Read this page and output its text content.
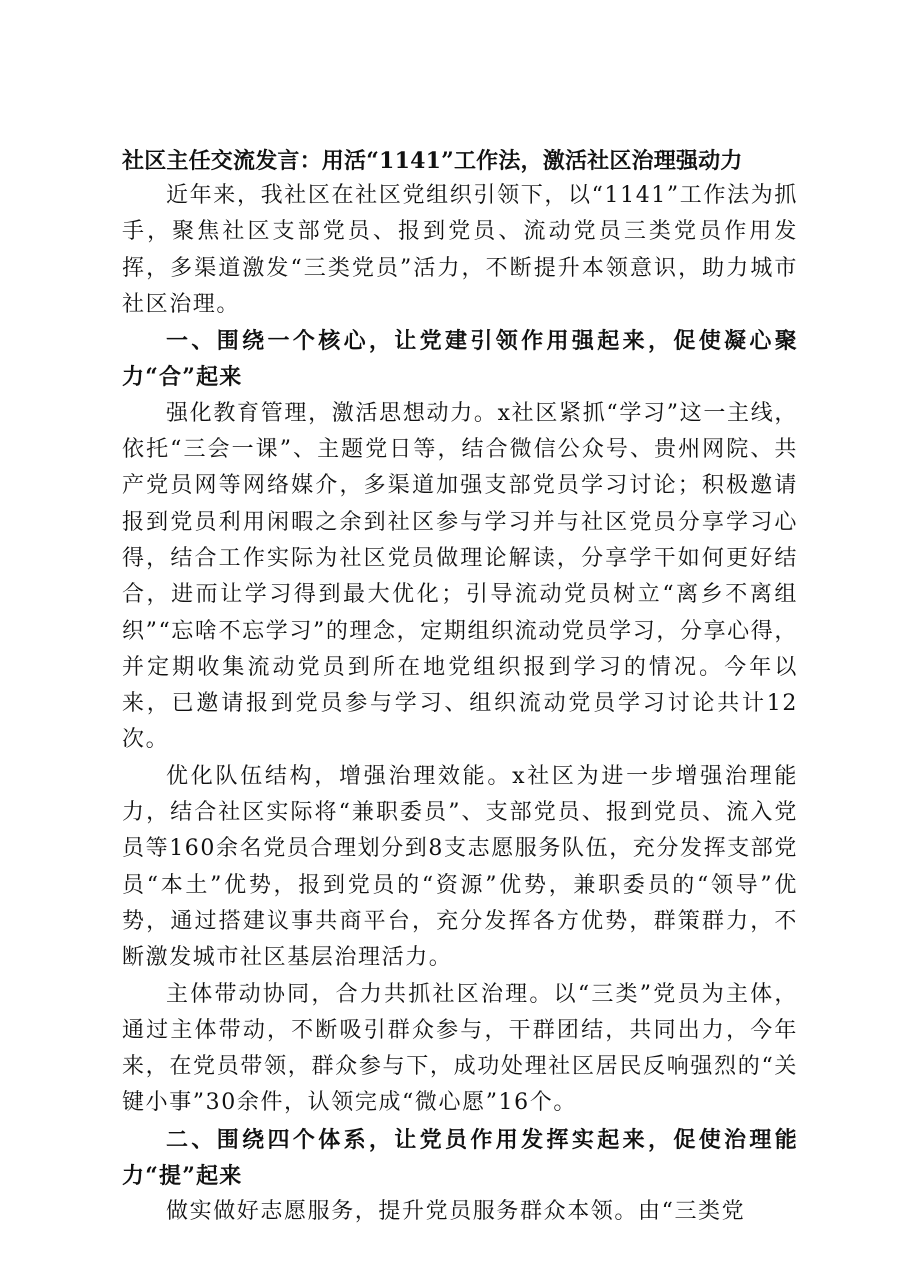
社区主任交流发言：用活“1141”工作法，激活社区治理强动力

近年来，我社区在社区党组织引领下，以“1141”工作法为抓手，聚焦社区支部党员、报到党员、流动党员三类党员作用发挥，多渠道激发“三类党员”活力，不断提升本领意识，助力城市社区治理。

一、围绕一个核心，让党建引领作用强起来，促使凝心聚力“合”起来

强化教育管理，激活思想动力。x社区紧抓“学习”这一主线，依托“三会一课”、主题党日等，结合微信公众号、贵州网院、共产党员网等网络媒介，多渠道加强支部党员学习讨论；积极邀请报到党员利用闲暇之余到社区参与学习并与社区党员分享学习心得，结合工作实际为社区党员做理论解读，分享学干如何更好结合，进而让学习得到最大优化；引导流动党员树立“离乡不离组织”“忘啥不忘学习”的理念，定期组织流动党员学习，分享心得，并定期收集流动党员到所在地党组织报到学习的情况。今年以来，已邀请报到党员参与学习、组织流动党员学习讨论共计12次。

优化队伍结构，增强治理效能。x社区为进一步增强治理能力，结合社区实际将“兼职委员”、支部党员、报到党员、流入党员等160余名党员合理划分到8支志愿服务队伍，充分发挥支部党员“本土”优势，报到党员的“资源”优势，兼职委员的“领导”优势，通过搭建议事共商平台，充分发挥各方优势，群策群力，不断激发城市社区基层治理活力。

主体带动协同，合力共抓社区治理。以“三类”党员为主体，通过主体带动，不断吸引群众参与，干群团结，共同出力，今年来，在党员带领，群众参与下，成功处理社区居民反响强烈的“关键小事”30余件，认领完成“微心愿”16个。

二、围绕四个体系，让党员作用发挥实起来，促使治理能力“提”起来

做实做好志愿服务，提升党员服务群众本领。由“三类党
